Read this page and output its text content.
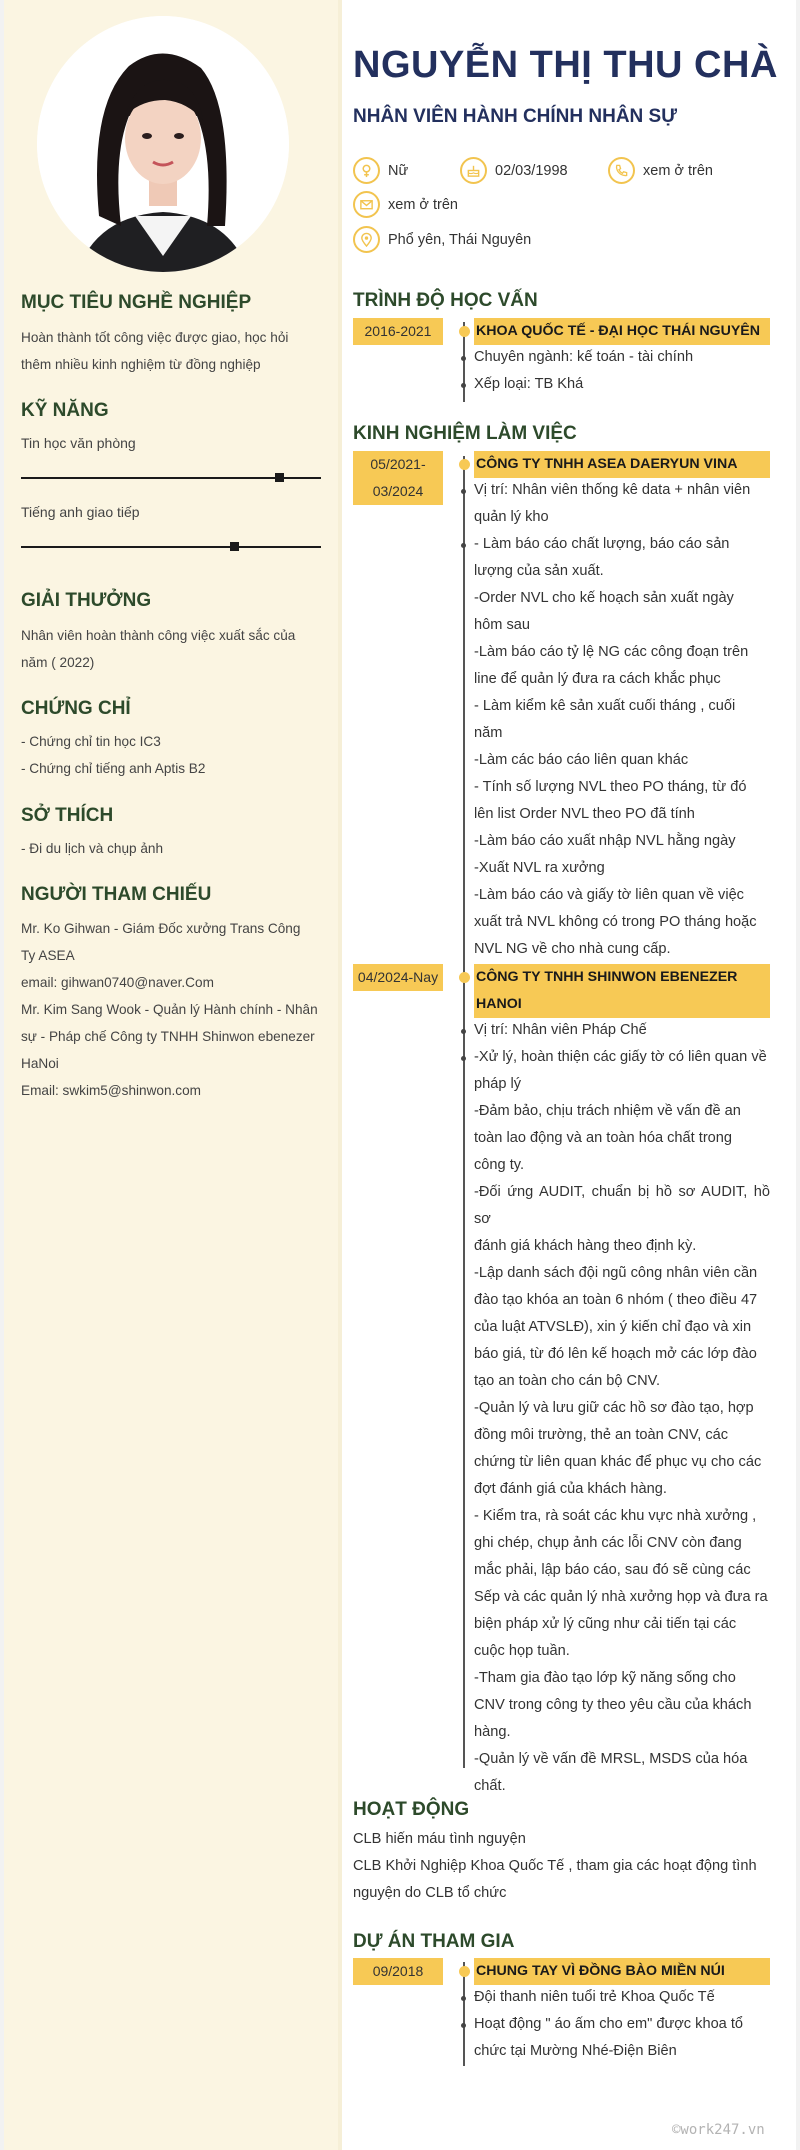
MỤC TIÊU NGHỀ NGHIỆP
Hoàn thành tốt công việc được giao, học hỏi
thêm nhiều kinh nghiệm từ đồng nghiệp
KỸ NĂNG
Tin học văn phòng
Tiếng anh giao tiếp
GIẢI THƯỞNG
Nhân viên hoàn thành công việc xuất sắc của
năm ( 2022)
CHỨNG CHỈ
- Chứng chỉ tin học IC3
- Chứng chỉ tiếng anh Aptis B2
SỞ THÍCH
- Đi du lịch và chụp ảnh
NGƯỜI THAM CHIẾU
Mr. Ko Gihwan - Giám Đốc xưởng Trans Công
Ty ASEA
email: gihwan0740@naver.Com
Mr. Kim Sang Wook - Quản lý Hành chính - Nhân
sự - Pháp chế Công ty TNHH Shinwon ebenezer
HaNoi
Email: swkim5@shinwon.com
NGUYỄN THỊ THU CHÀ
NHÂN VIÊN HÀNH CHÍNH NHÂN SỰ
Nữ	02/03/1998	xem ở trên
xem ở trên
Phổ yên, Thái Nguyên
TRÌNH ĐỘ HỌC VẤN
2016-2021	KHOA QUỐC TẾ - ĐẠI HỌC THÁI NGUYÊN
Chuyên ngành: kế toán - tài chính
Xếp loại: TB Khá
KINH NGHIỆM LÀM VIỆC
05/2021-
03/2024
CÔNG TY TNHH ASEA DAERYUN VINA
Vị trí: Nhân viên thống kê data + nhân viên
quản lý kho
- Làm báo cáo chất lượng, báo cáo sản
lượng của sản xuất.
-Order NVL cho kế hoạch sản xuất ngày
hôm sau
-Làm báo cáo tỷ lệ NG các công đoạn trên
line để quản lý đưa ra cách khắc phục
- Làm kiểm kê sản xuất cuối tháng , cuối
năm
-Làm các báo cáo liên quan khác
- Tính số lượng NVL theo PO tháng, từ đó
lên list Order NVL theo PO đã tính
-Làm báo cáo xuất nhập NVL hằng ngày
-Xuất NVL ra xưởng
-Làm báo cáo và giấy tờ liên quan về việc
xuất trả NVL không có trong PO tháng hoặc
NVL NG về cho nhà cung cấp.
04/2024-Nay	CÔNG TY TNHH SHINWON EBENEZER
HANOI
Vị trí: Nhân viên Pháp Chế
-Xử lý, hoàn thiện các giấy tờ có liên quan về
pháp lý
-Đảm bảo, chịu trách nhiệm về vấn đề an
toàn lao động và an toàn hóa chất trong
công ty.
-Đối ứng AUDIT, chuẩn bị hồ sơ AUDIT, hồ sơ
đánh giá khách hàng theo định kỳ.
-Lập danh sách đội ngũ công nhân viên cần
đào tạo khóa an toàn 6 nhóm ( theo điều 47
của luật ATVSLĐ), xin ý kiến chỉ đạo và xin
báo giá, từ đó lên kế hoạch mở các lớp đào
tạo an toàn cho cán bộ CNV.
-Quản lý và lưu giữ các hồ sơ đào tạo, hợp
đồng môi trường, thẻ an toàn CNV, các
chứng từ liên quan khác để phục vụ cho các
đợt đánh giá của khách hàng.
- Kiểm tra, rà soát các khu vực nhà xưởng ,
ghi chép, chụp ảnh các lỗi CNV còn đang
mắc phải, lập báo cáo, sau đó sẽ cùng các
Sếp và các quản lý nhà xưởng họp và đưa ra
biện pháp xử lý cũng như cải tiến tại các
cuộc họp tuần.
-Tham gia đào tạo lớp kỹ năng sống cho
CNV trong công ty theo yêu cầu của khách
hàng.
-Quản lý về vấn đề MRSL, MSDS của hóa
chất.
HOẠT ĐỘNG
CLB hiến máu tình nguyện
CLB Khởi Nghiệp Khoa Quốc Tế , tham gia các hoạt động tình
nguyện do CLB tổ chức
DỰ ÁN THAM GIA
09/2018	CHUNG TAY VÌ ĐỒNG BÀO MIỀN NÚI
Đội thanh niên tuổi trẻ Khoa Quốc Tế
Hoạt động " áo ấm cho em" được khoa tổ
chức tại Mường Nhé-Điện Biên
©work247.vn
